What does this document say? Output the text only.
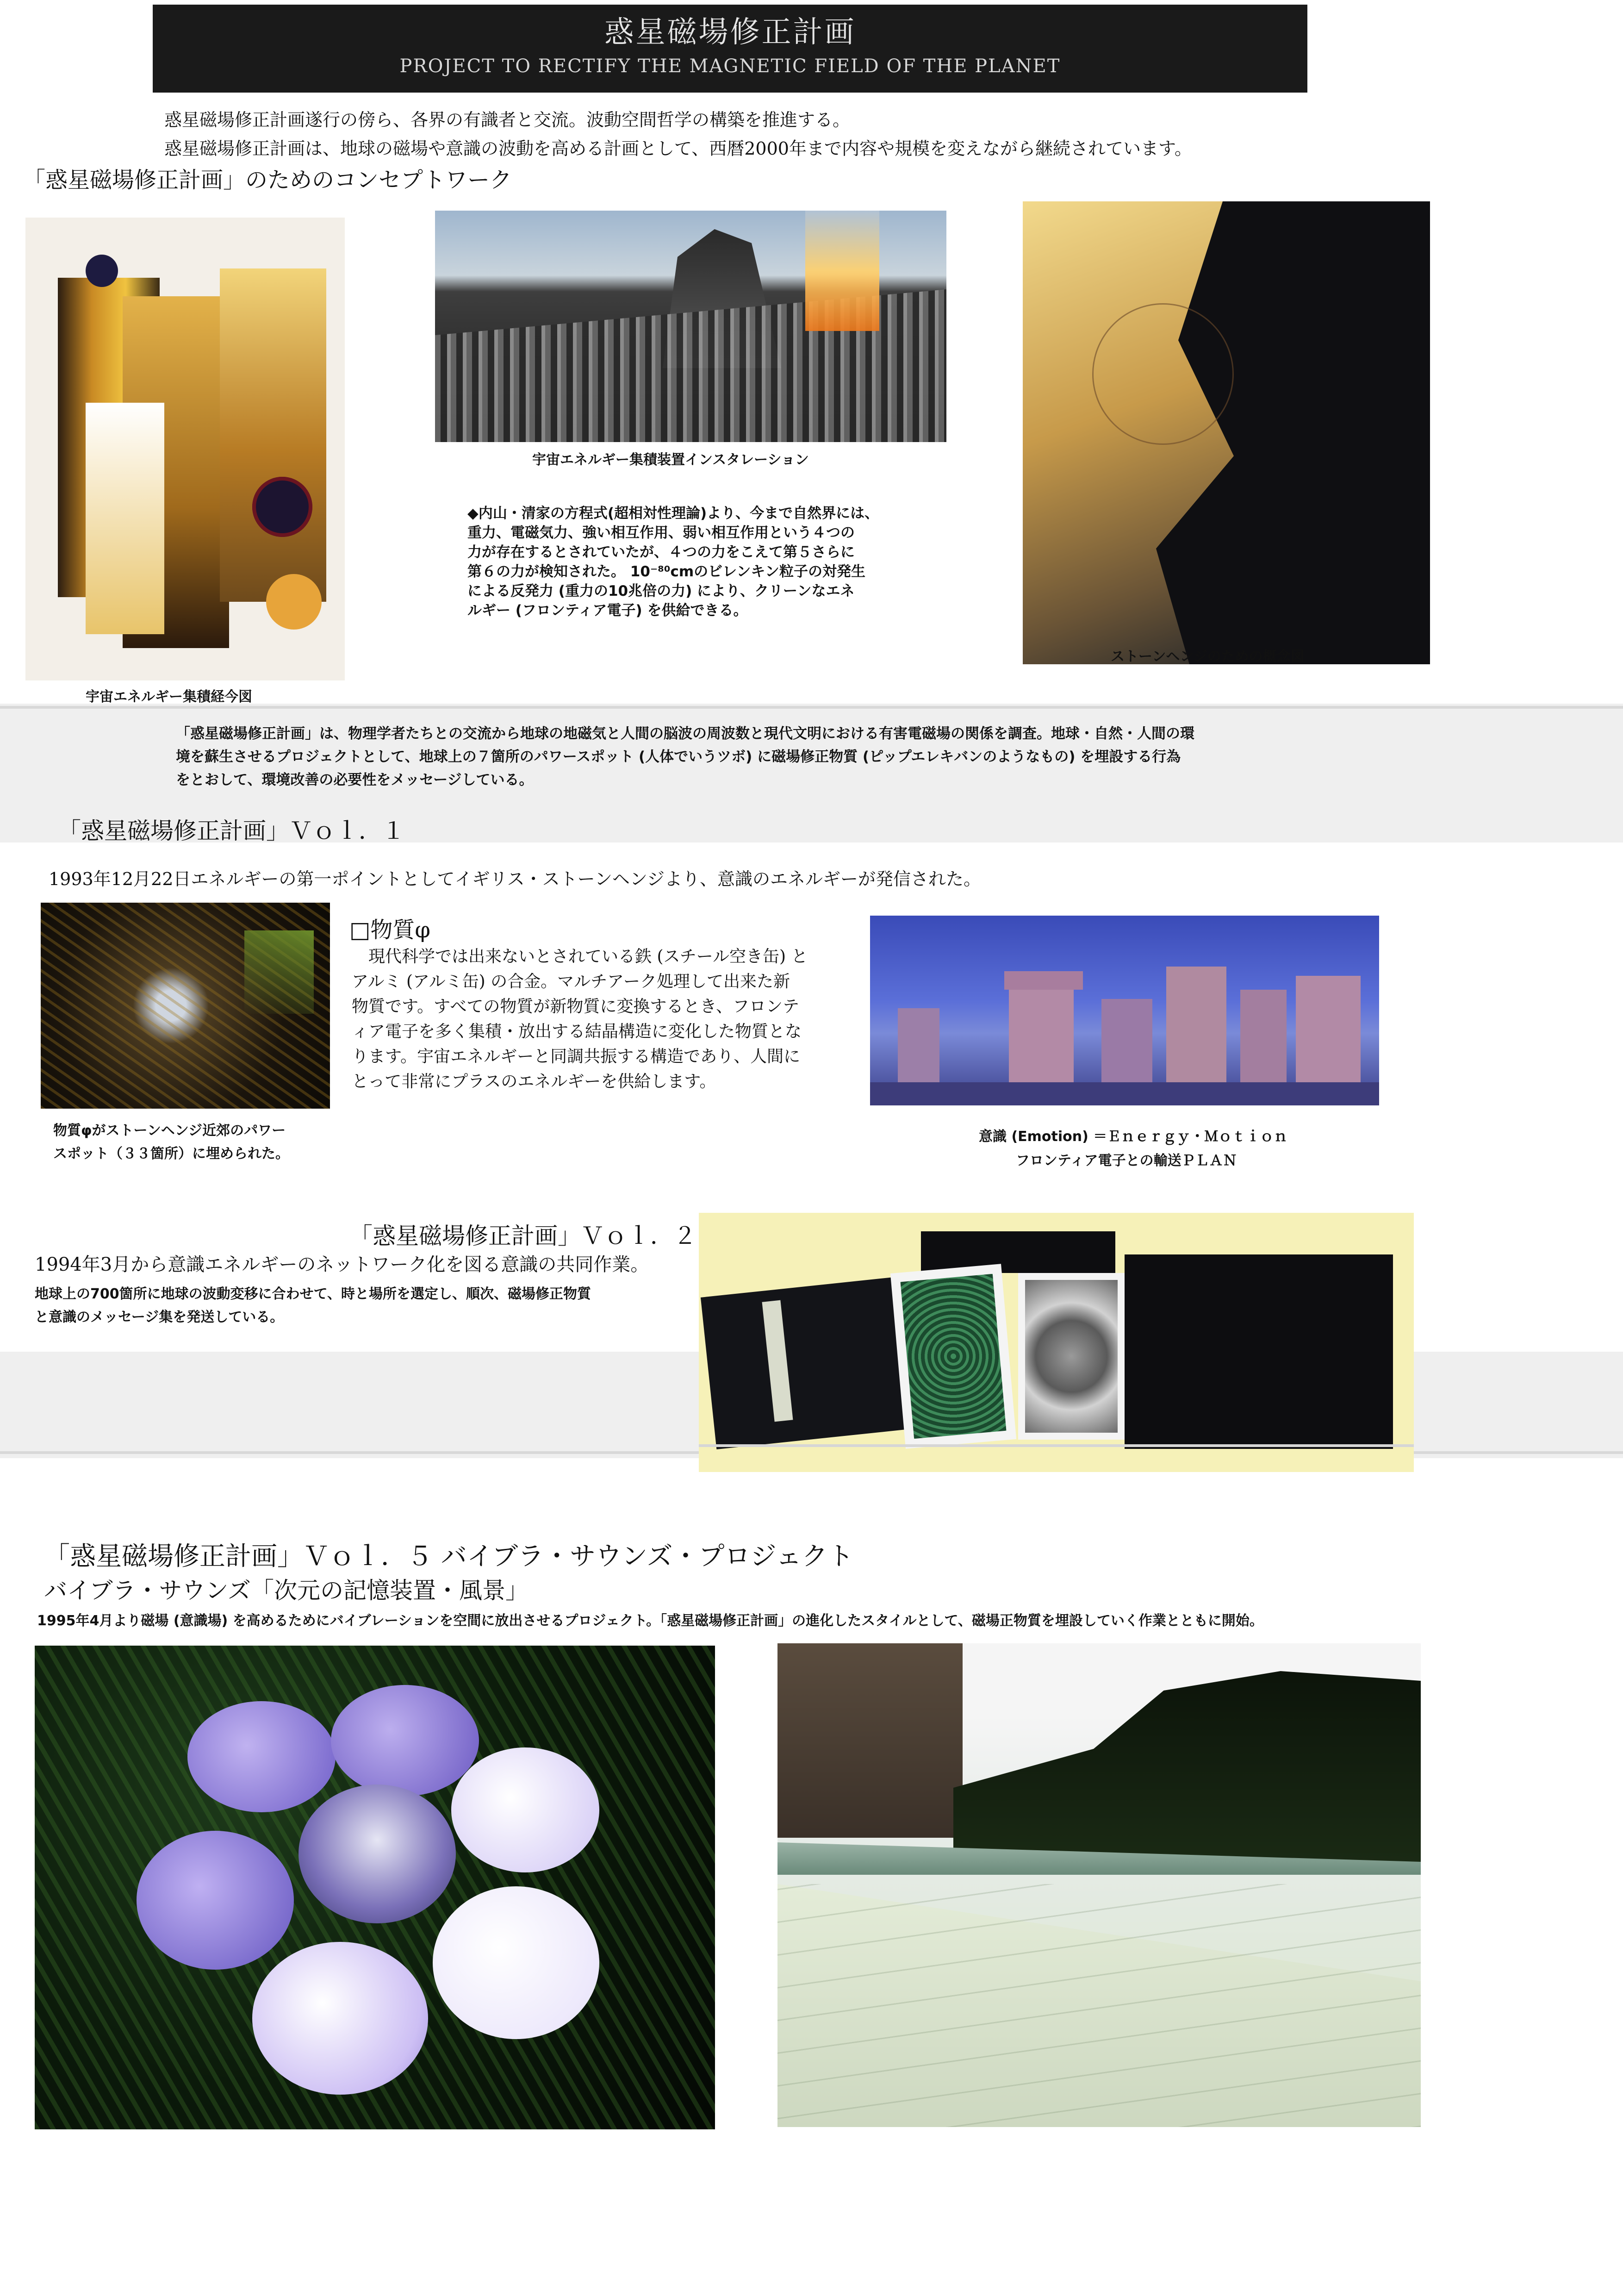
惑星磁場修正計画
PROJECT TO RECTIFY THE MAGNETIC FIELD OF THE PLANET
惑星磁場修正計画遂行の傍ら、各界の有識者と交流。波動空間哲学の構築を推進する。
惑星磁場修正計画は、地球の磁場や意識の波動を高める計画として、西暦2000年まで内容や規模を変えながら継続されています。
「惑星磁場修正計画」のためのコンセプトワーク
宇宙エネルギー集積経今図
宇宙エネルギー集積装置インスタレーション
◆内山・清家の方程式(超相対性理論)より、今まで自然界には、
重力、電磁気力、強い相互作用、弱い相互作用という４つの
力が存在するとされていたが、４つの力をこえて第５さらに
第６の力が検知された。 10⁻⁸⁰cmのビレンキン粒子の対発生
による反発力 (重力の10兆倍の力) により、クリーンなエネ
ルギー (フロンティア電子) を供給できる。
ストーンヘンジのための概念図
「惑星磁場修正計画」は、物理学者たちとの交流から地球の地磁気と人間の脳波の周波数と現代文明における有害電磁場の関係を調査。地球・自然・人間の環
境を蘇生させるプロジェクトとして、地球上の７箇所のパワースポット (人体でいうツボ) に磁場修正物質 (ピップエレキバンのようなもの) を埋設する行為
をとおして、環境改善の必要性をメッセージしている。
「惑星磁場修正計画」Ｖｏｌ．１
1993年12月22日エネルギーの第一ポイントとしてイギリス・ストーンヘンジより、意識のエネルギーが発信された。
物質φがストーンヘンジ近郊のパワー
スポット（３３箇所）に埋められた。
□物質φ
　現代科学では出来ないとされている鉄 (スチール空き缶) と
アルミ (アルミ缶) の合金。マルチアーク処理して出来た新
物質です。すべての物質が新物質に変換するとき、フロンテ
ィア電子を多く集積・放出する結晶構造に変化した物質とな
ります。宇宙エネルギーと同調共振する構造であり、人間に
とって非常にプラスのエネルギーを供給します。
意識 (Emotion) ＝Ｅｎｅｒｇｙ・Ｍｏｔｉｏｎ
フロンティア電子との輸送ＰＬＡＮ
「惑星磁場修正計画」Ｖｏｌ．２
1994年3月から意識エネルギーのネットワーク化を図る意識の共同作業。
地球上の700箇所に地球の波動変移に合わせて、時と場所を選定し、順次、磁場修正物質
と意識のメッセージ集を発送している。
「惑星磁場修正計画」Ｖｏｌ．５ バイブラ・サウンズ・プロジェクト
バイブラ・サウンズ「次元の記憶装置・風景」
1995年4月より磁場 (意識場) を高めるためにバイブレーションを空間に放出させるプロジェクト。「惑星磁場修正計画」の進化したスタイルとして、磁場正物質を埋設していく作業とともに開始。
